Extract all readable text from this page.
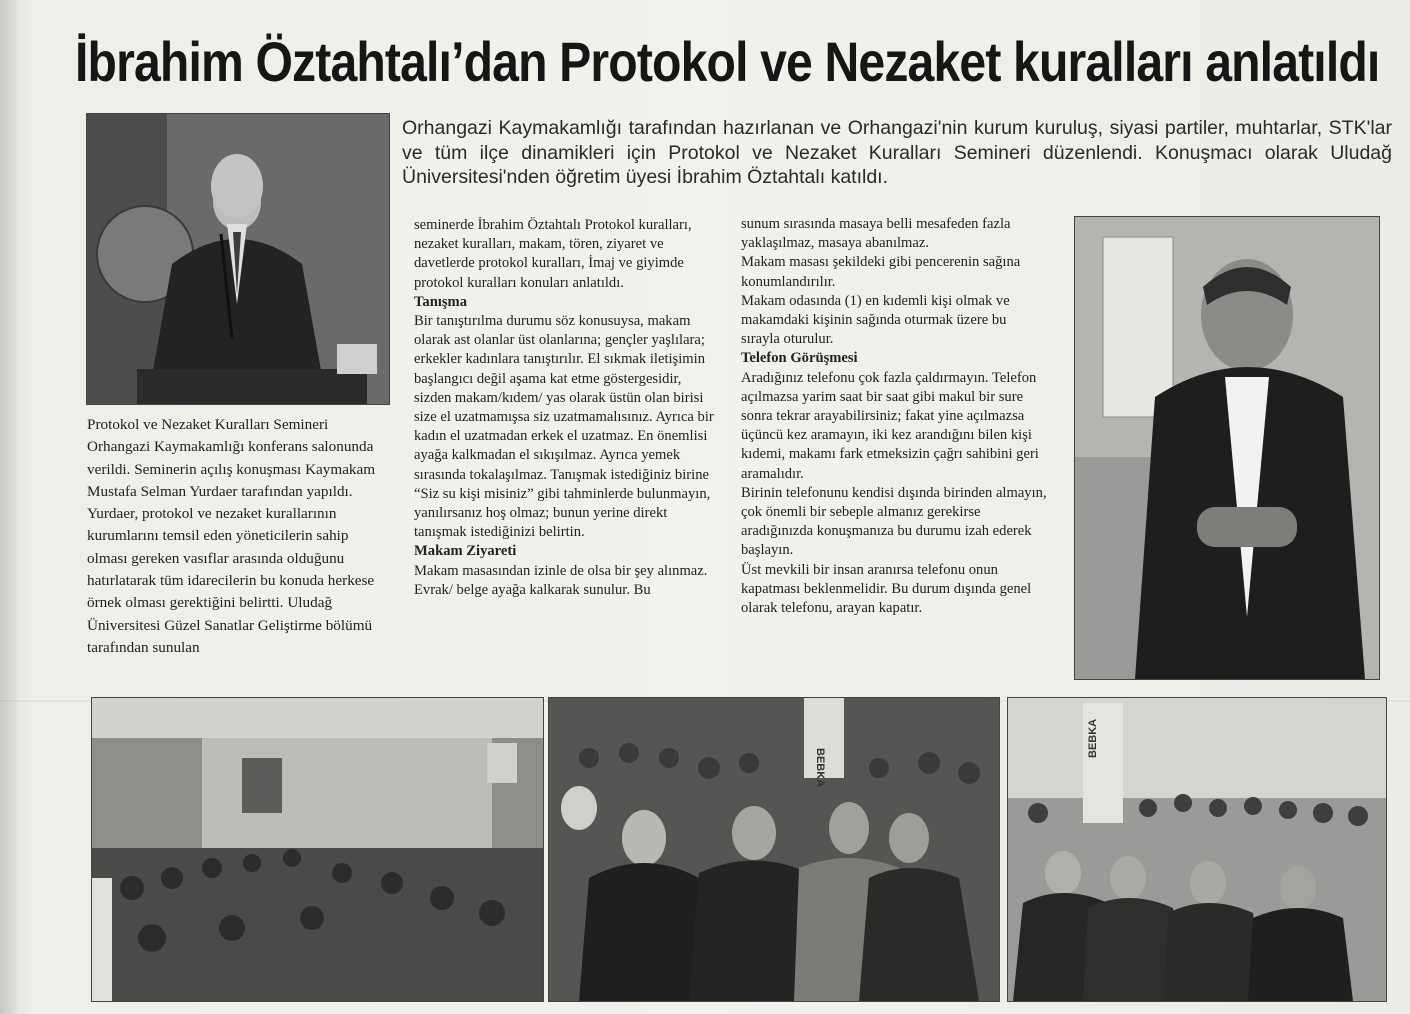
İbrahim Öztahtalı’dan Protokol ve Nezaket kuralları anlatıldı
Orhangazi Kaymakamlığı tarafından hazırlanan ve Orhangazi'nin kurum kuruluş, siyasi partiler, muhtarlar, STK'lar ve tüm ilçe dinamikleri için Protokol ve Nezaket Kuralları Semineri düzenlendi. Konuşmacı olarak Uludağ Üniversitesi'nden öğretim üyesi İbrahim Öztahtalı katıldı.

Protokol ve Nezaket Kuralları Semineri Orhangazi Kaymakamlığı konferans salonunda verildi. Seminerin açılış konuşması Kaymakam Mustafa Selman Yurdaer tarafından yapıldı. Yurdaer, protokol ve nezaket kurallarının kurumlarını temsil eden yöneticilerin sahip olması gereken vasıflar arasında olduğunu hatırlatarak tüm idarecilerin bu konuda herkese örnek olması gerektiğini belirtti. Uludağ Üniversitesi Güzel Sanatlar Geliştirme bölümü tarafından sunulan

seminerde İbrahim Öztahtalı Protokol kuralları, nezaket kuralları, makam, tören, ziyaret ve davetlerde protokol kuralları, İmaj ve giyimde protokol kuralları konuları anlatıldı.

Tanışma

Bir tanıştırılma durumu söz konusuysa, makam olarak ast olanlar üst olanlarına; gençler yaşlılara; erkekler kadınlara tanıştırılır. El sıkmak iletişimin başlangıcı değil aşama kat etme göstergesidir, sizden makam/kıdem/ yas olarak üstün olan birisi size el uzatmamışsa siz uzatmamalısınız. Ayrıca bir kadın el uzatmadan erkek el uzatmaz. En önemlisi ayağa kalkmadan el sıkışılmaz. Ayrıca yemek sırasında tokalaşılmaz. Tanışmak istediğiniz birine “Siz su kişi misiniz” gibi tahminlerde bulunmayın, yanılırsanız hoş olmaz; bunun yerine direkt tanışmak istediğinizi belirtin.

Makam Ziyareti

Makam masasından izinle de olsa bir şey alınmaz.

Evrak/ belge ayağa kalkarak sunulur. Bu

sunum sırasında masaya belli mesafeden fazla

yaklaşılmaz, masaya abanılmaz.

Makam masası şekildeki gibi pencerenin sağına konumlandırılır.

Makam odasında (1) en kıdemli kişi olmak ve makamdaki kişinin sağında oturmak üzere bu

sırayla oturulur.

Telefon Görüşmesi

Aradığınız telefonu çok fazla çaldırmayın. Telefon açılmazsa yarim saat bir saat gibi makul bir sure sonra tekrar arayabilirsiniz; fakat yine açılmazsa üçüncü kez aramayın, iki kez arandığını bilen kişi kıdemi, makamı fark etmeksizin çağrı sahibini geri aramalıdır.

Birinin telefonunu kendisi dışında birinden almayın, çok önemli bir sebeple almanız gerekirse

aradığınızda konuşmanıza bu durumu izah ederek başlayın.

Üst mevkili bir insan aranırsa telefonu onun kapatması beklenmelidir. Bu durum dışında genel olarak telefonu, arayan kapatır.

BEBKA
BEBKA
